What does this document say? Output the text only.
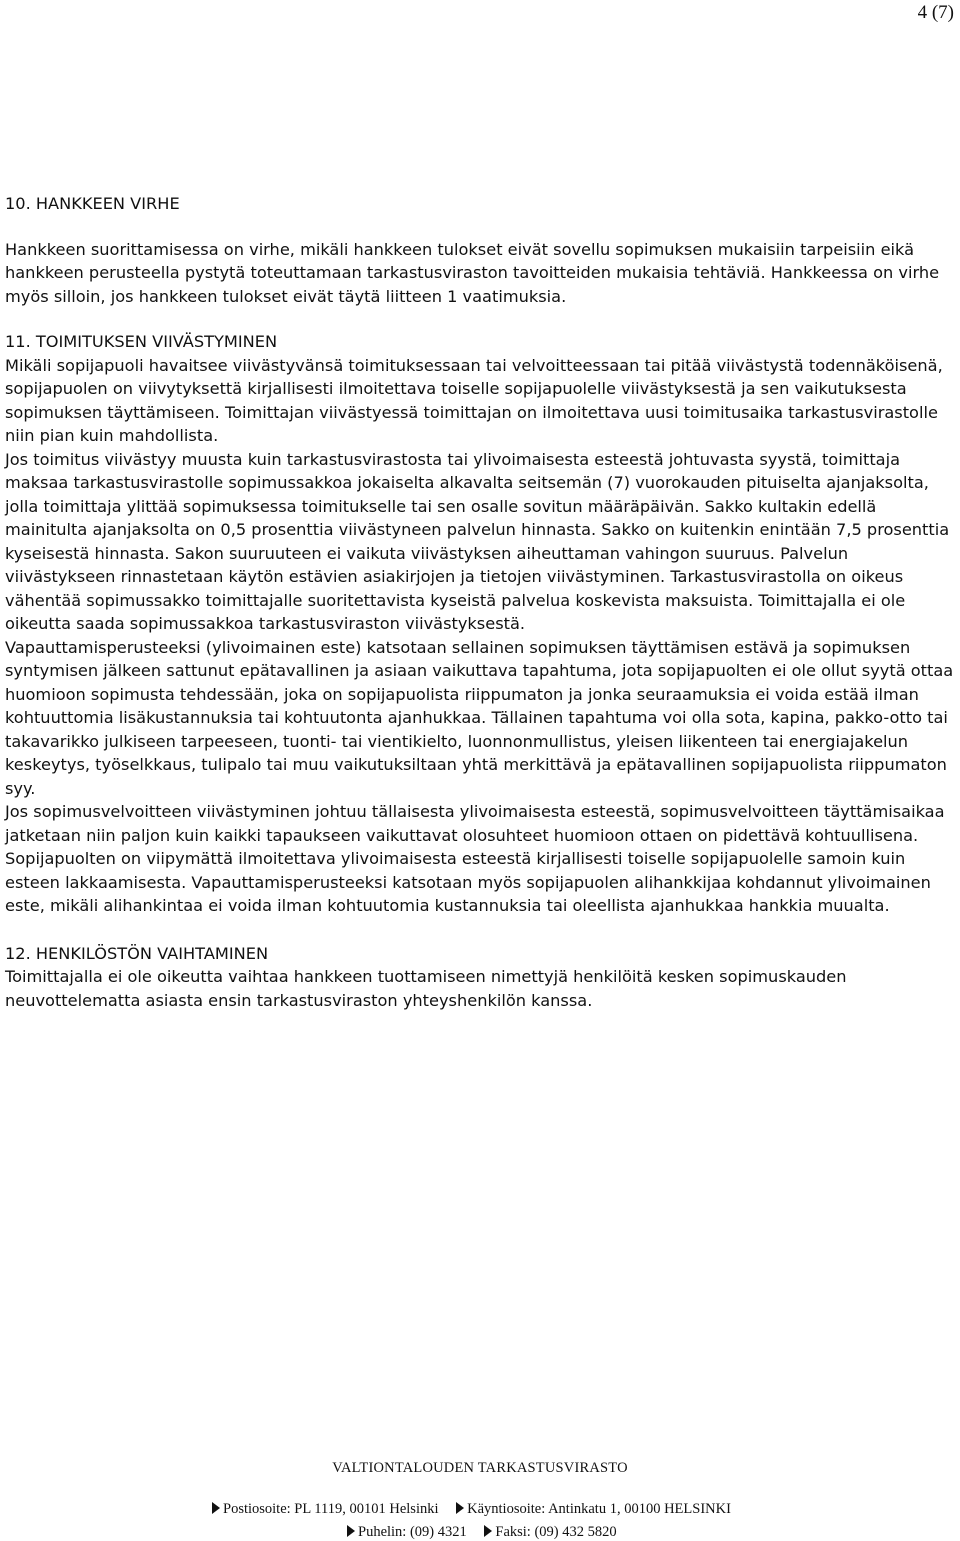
4 (7)
10. HANKKEEN VIRHE

Hankkeen suorittamisessa on virhe, mikäli hankkeen tulokset eivät sovellu sopimuksen mukaisiin tarpeisiin eikä hankkeen perusteella pystytä toteuttamaan tarkastusviraston tavoitteiden mukaisia tehtäviä. Hankkeessa on virhe myös silloin, jos hankkeen tulokset eivät täytä liitteen 1 vaatimuksia.

11. TOIMITUKSEN VIIVÄSTYMINEN

Mikäli sopijapuoli havaitsee viivästyvänsä toimituksessaan tai velvoitteessaan tai pitää viivästystä todennäköisenä, sopijapuolen on viivytyksettä kirjallisesti ilmoitettava toiselle sopijapuolelle viivästyksestä ja sen vaikutuksesta sopimuksen täyttämiseen. Toimittajan viivästyessä toimittajan on ilmoitettava uusi toimitusaika tarkastusvirastolle niin pian kuin mahdollista.

Jos toimitus viivästyy muusta kuin tarkastusvirastosta tai ylivoimaisesta esteestä johtuvasta syystä, toimittaja maksaa tarkastusvirastolle sopimussakkoa jokaiselta alkavalta seitsemän (7) vuorokauden pituiselta ajanjaksolta, jolla toimittaja ylittää sopimuksessa toimitukselle tai sen osalle sovitun määräpäivän. Sakko kultakin edellä mainitulta ajanjaksolta on 0,5 prosenttia viivästyneen palvelun hinnasta. Sakko on kuitenkin enintään 7,5 prosenttia kyseisestä hinnasta. Sakon suuruuteen ei vaikuta viivästyksen aiheuttaman vahingon suuruus. Palvelun viivästykseen rinnastetaan käytön estävien asiakirjojen ja tietojen viivästyminen. Tarkastusvirastolla on oikeus vähentää sopimussakko toimittajalle suoritettavista kyseistä palvelua koskevista maksuista. Toimittajalla ei ole oikeutta saada sopimussakkoa tarkastusviraston viivästyksestä.

Vapauttamisperusteeksi (ylivoimainen este) katsotaan sellainen sopimuksen täyttämisen estävä ja sopimuksen syntymisen jälkeen sattunut epätavallinen ja asiaan vaikuttava tapahtuma, jota sopijapuolten ei ole ollut syytä ottaa huomioon sopimusta tehdessään, joka on sopijapuolista riippumaton ja jonka seuraamuksia ei voida estää ilman kohtuuttomia lisäkustannuksia tai kohtuutonta ajanhukkaa. Tällainen tapahtuma voi olla sota, kapina, pakko-otto tai takavarikko julkiseen tarpeeseen, tuonti- tai vientikielto, luonnonmullistus, yleisen liikenteen tai energiajakelun keskeytys, työselkkaus, tulipalo tai muu vaikutuksiltaan yhtä merkittävä ja epätavallinen sopijapuolista riippumaton syy.

Jos sopimusvelvoitteen viivästyminen johtuu tällaisesta ylivoimaisesta esteestä, sopimusvelvoitteen täyttämisaikaa jatketaan niin paljon kuin kaikki tapaukseen vaikuttavat olosuhteet huomioon ottaen on pidettävä kohtuullisena.

Sopijapuolten on viipymättä ilmoitettava ylivoimaisesta esteestä kirjallisesti toiselle sopijapuolelle samoin kuin esteen lakkaamisesta. Vapauttamisperusteeksi katsotaan myös sopijapuolen alihankkijaa kohdannut ylivoimainen este, mikäli alihankintaa ei voida ilman kohtuutomia kustannuksia tai oleellista ajanhukkaa hankkia muualta.

12. HENKILÖSTÖN VAIHTAMINEN

Toimittajalla ei ole oikeutta vaihtaa hankkeen tuottamiseen nimettyjä henkilöitä kesken sopimuskauden neuvottelematta asiasta ensin tarkastusviraston yhteyshenkilön kanssa.

VALTIONTALOUDEN TARKASTUSVIRASTO
Postiosoite: PL 1119, 00101 Helsinki Käyntiosoite: Antinkatu 1, 00100 HELSINKI
Puhelin: (09) 4321 Faksi: (09) 432 5820
